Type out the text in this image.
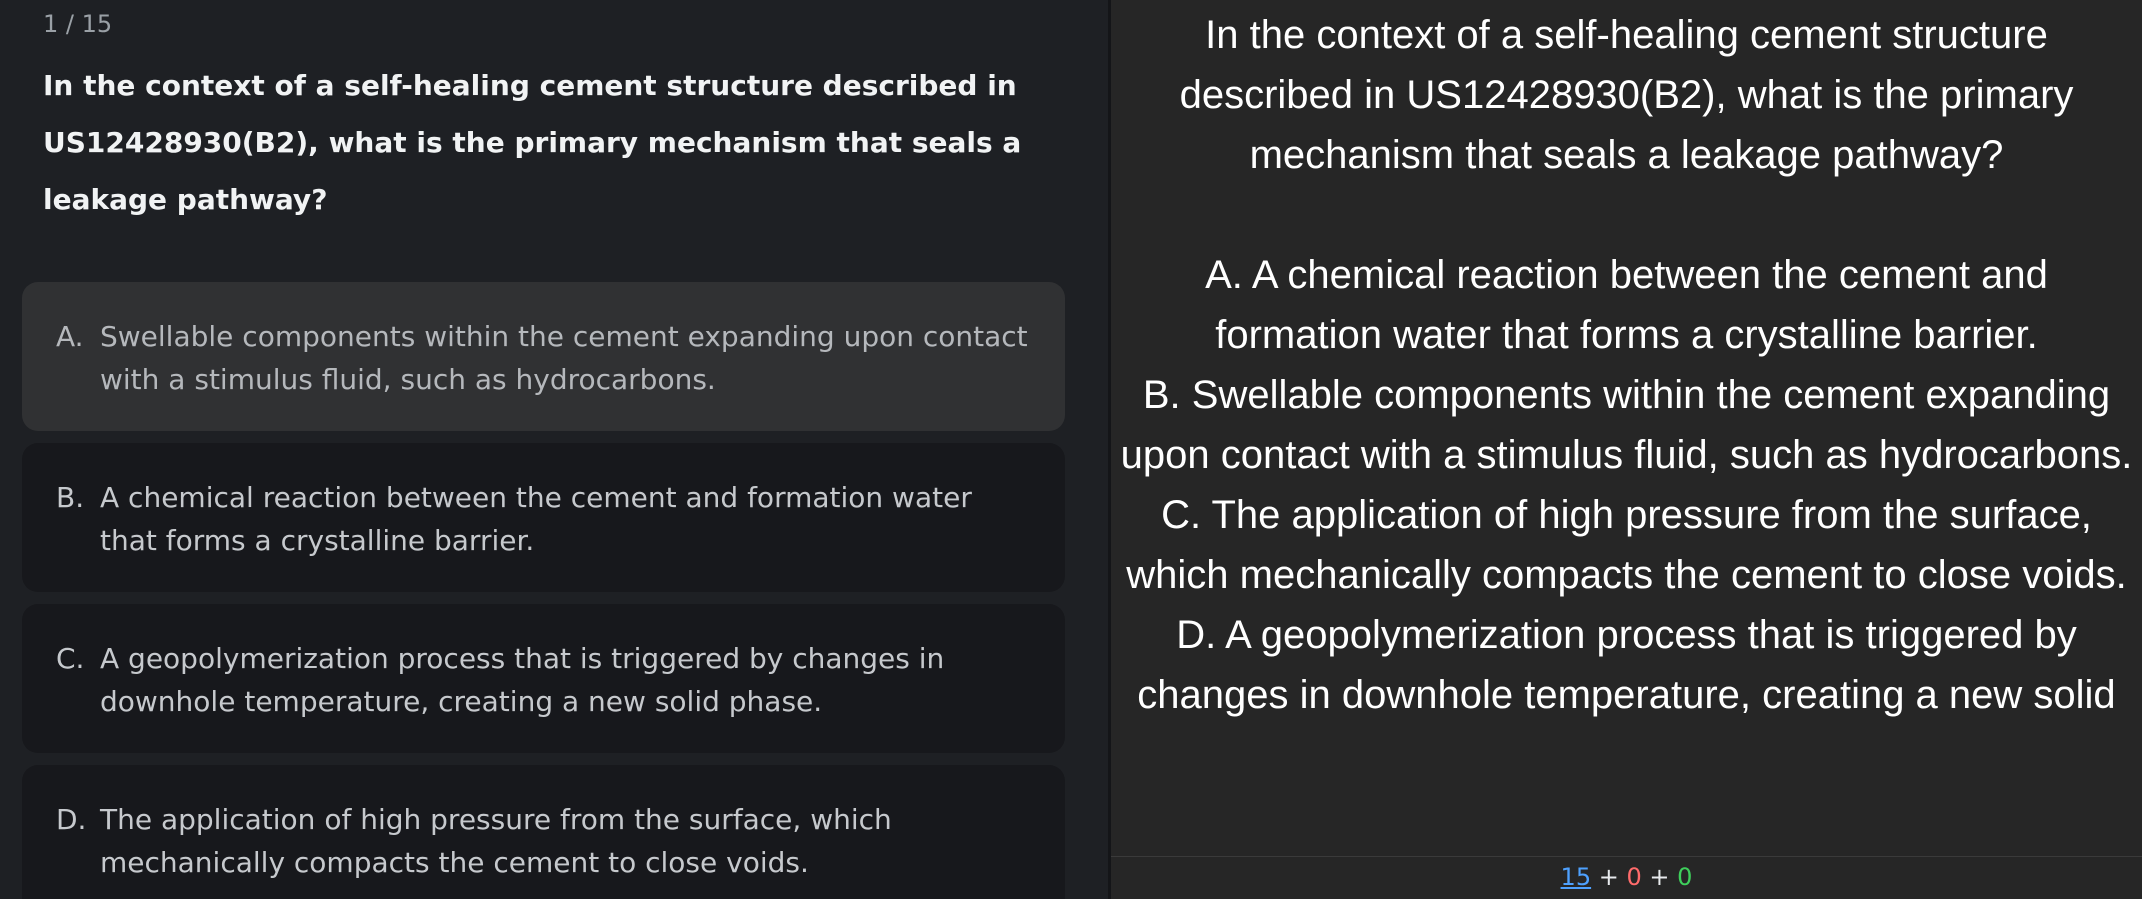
1 / 15
In the context of a self-healing cement structure described in US12428930(B2), what is the primary mechanism that seals a leakage pathway?
A. Swellable components within the cement expanding upon contact with a stimulus fluid, such as hydrocarbons.
B. A chemical reaction between the cement and formation water that forms a crystalline barrier.
C. A geopolymerization process that is triggered by changes in downhole temperature, creating a new solid phase.
D. The application of high pressure from the surface, which mechanically compacts the cement to close voids.

In the context of a self-healing cement structure described in US12428930(B2), what is the primary mechanism that seals a leakage pathway?

A. A chemical reaction between the cement and formation water that forms a crystalline barrier.

B. Swellable components within the cement expanding upon contact with a stimulus fluid, such as hydrocarbons.

C. The application of high pressure from the surface, which mechanically compacts the cement to close voids.

D. A geopolymerization process that is triggered by changes in downhole temperature, creating a new solid

15 + 0 + 0
